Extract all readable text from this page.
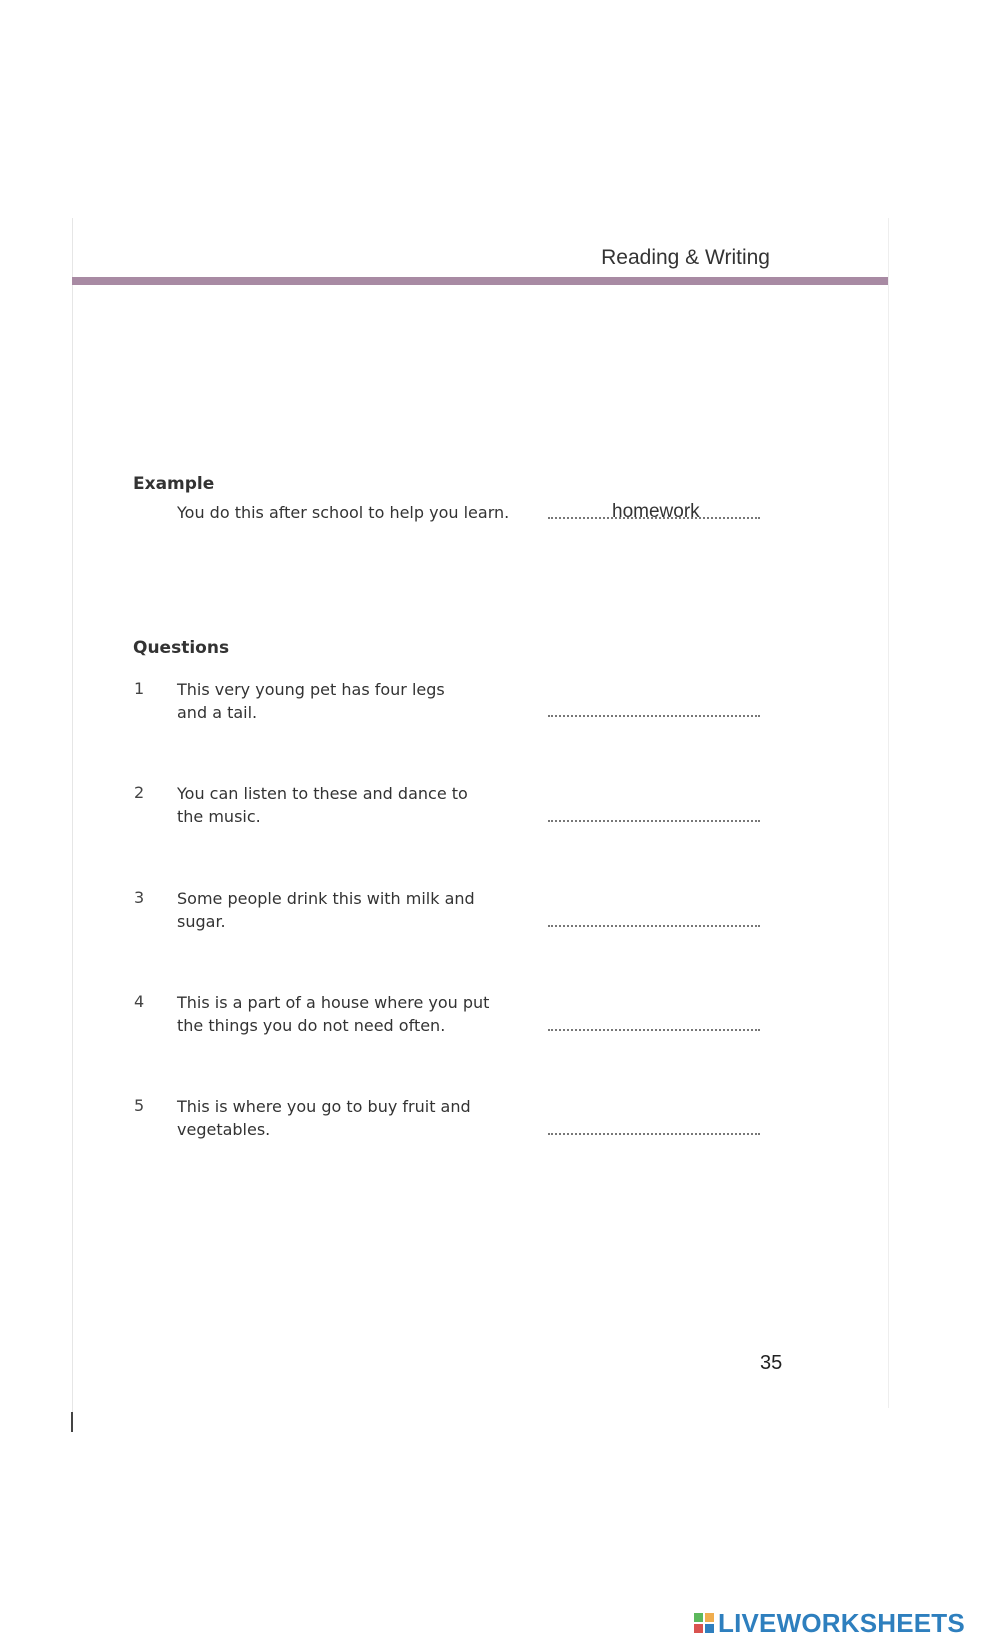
Reading & Writing
Example
You do this after school to help you learn.	homework
Questions
1	This very young pet has four legs
and a tail.
2	You can listen to these and dance to
the music.
3	Some people drink this with milk and
sugar.
4	This is a part of a house where you put
the things you do not need often.
5	This is where you go to buy fruit and
vegetables.
35
LIVEWORKSHEETS
